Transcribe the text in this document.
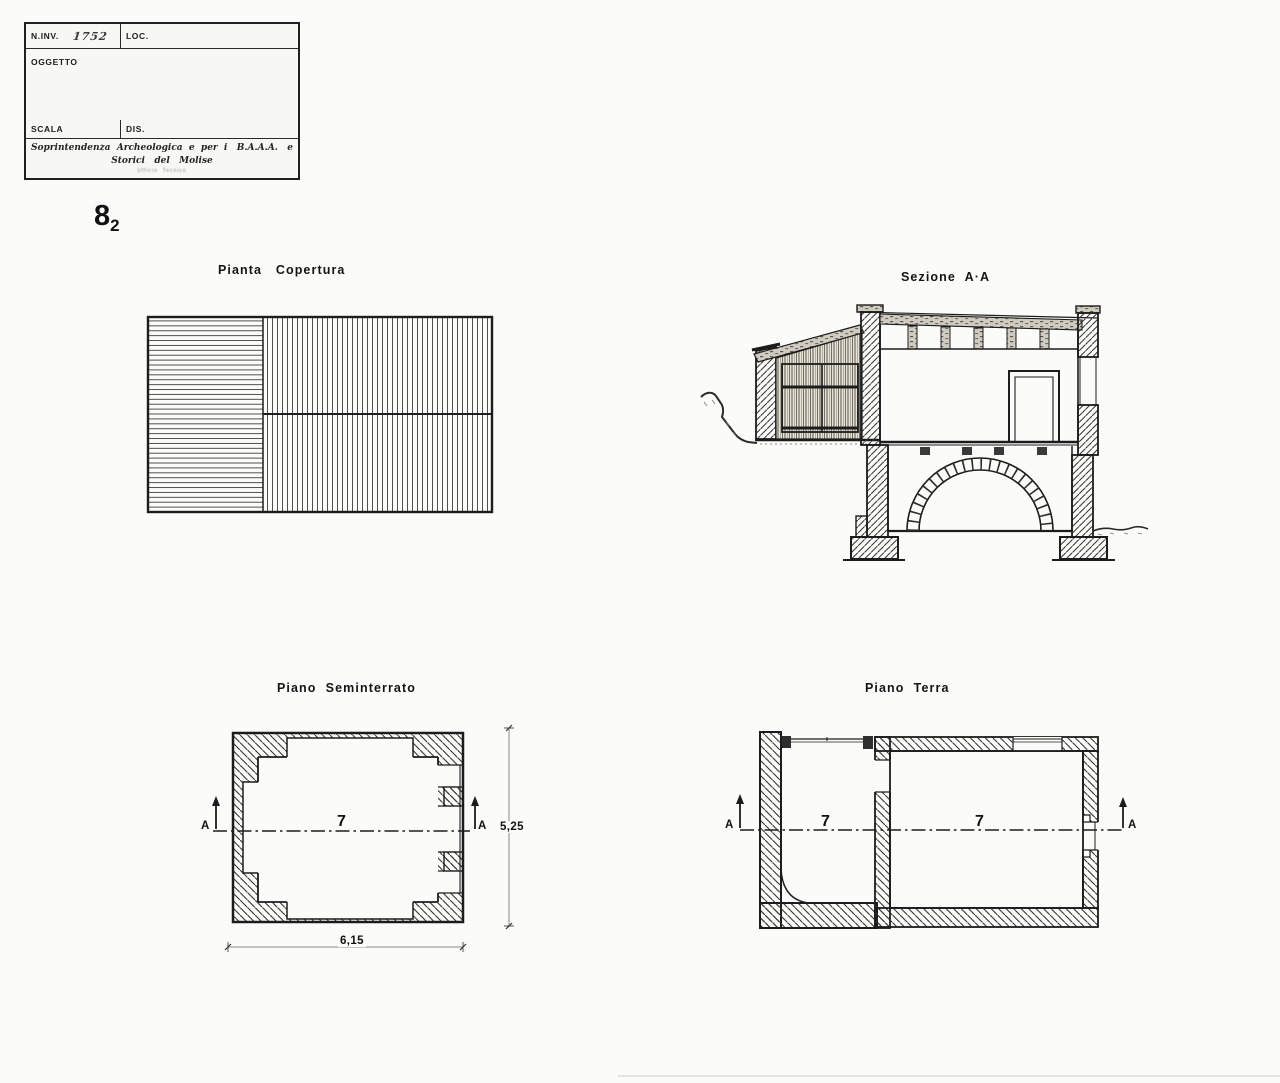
N.INV. 1752 LOC.
OGGETTO
SCALA	DIS.
Soprintendenza  Archeologica  e  per  i   B.A.A.A.   e
Storici   del   Molise
Ufficio  Tecnico
$8_2$
Pianta   Copertura	Sezione  A·A
Piano  Seminterrato	Piano  Terra
A	A
7	5,25
6,15
A	A
7	7
